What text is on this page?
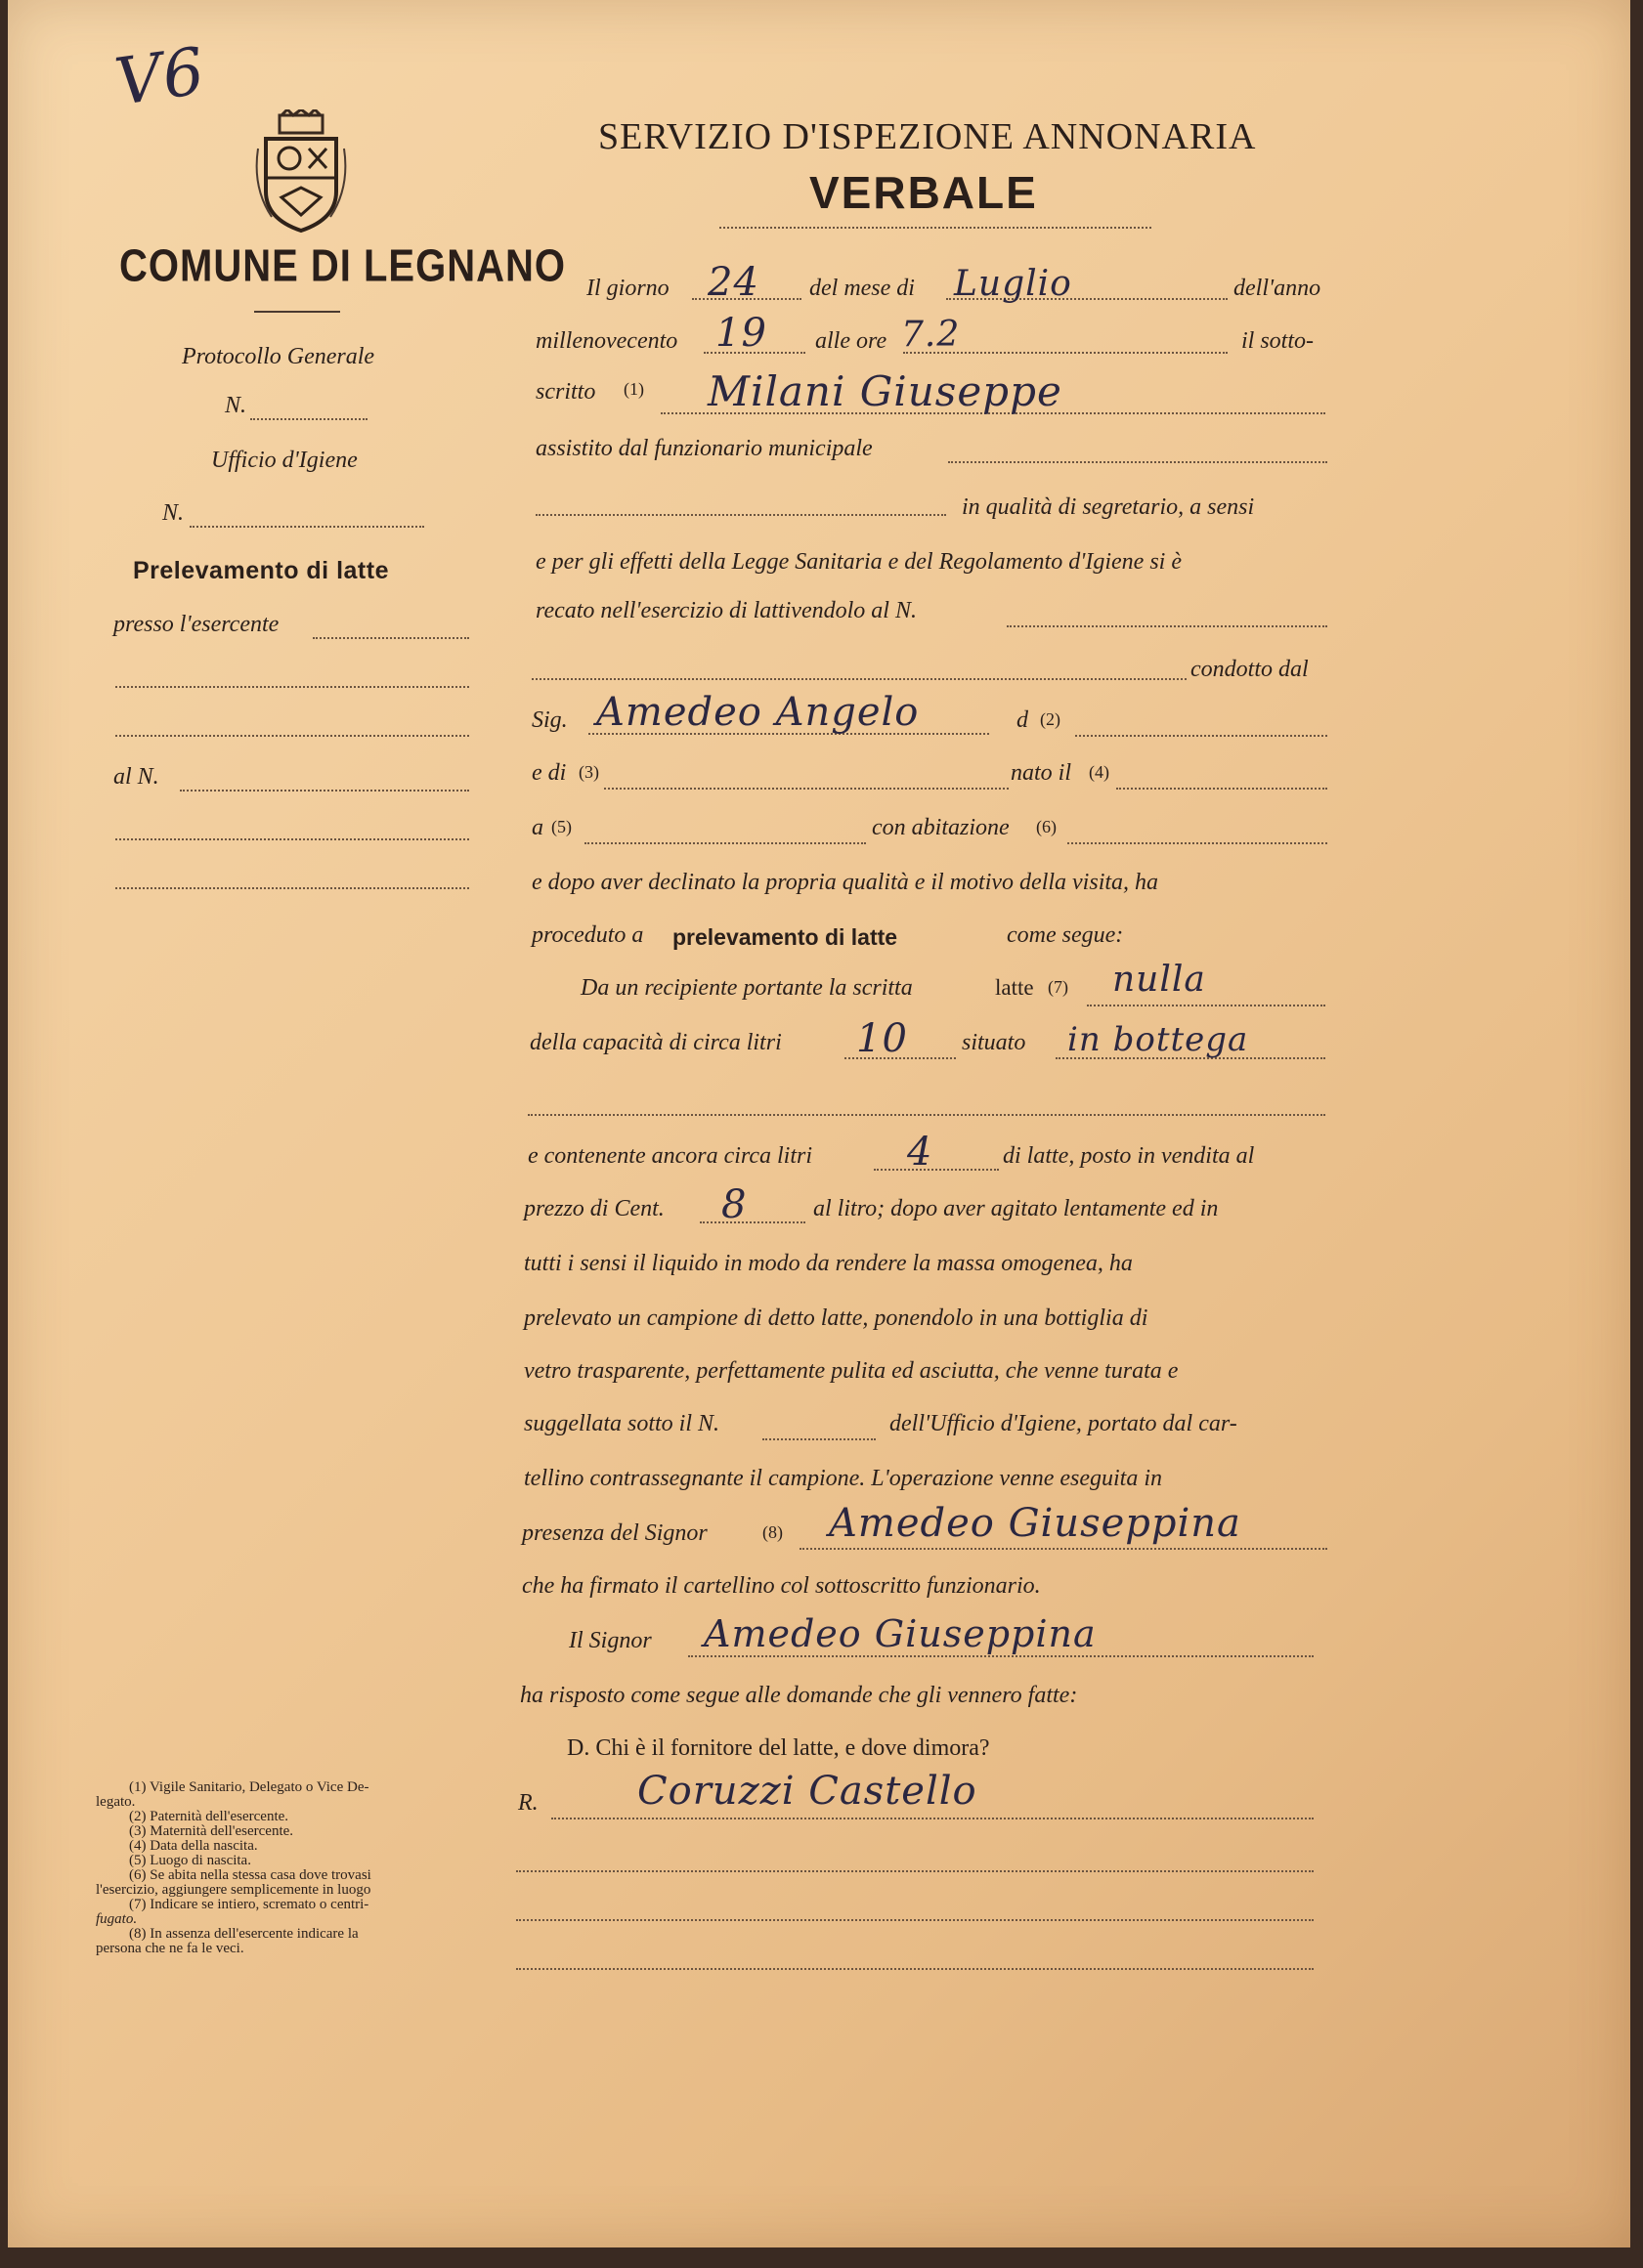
V6
COMUNE DI LEGNANO
Protocollo Generale
N.
Ufficio d'Igiene
N.
Prelevamento di latte
presso l'esercente
al N.
(1) Vigile Sanitario, Delegato o Vice De-
legato.
(2) Paternità dell'esercente.
(3) Maternità dell'esercente.
(4) Data della nascita.
(5) Luogo di nascita.
(6) Se abita nella stessa casa dove trovasi
l'esercizio, aggiungere semplicemente in luogo
(7) Indicare se intiero, scremato o centri-
fugato.
(8) In assenza dell'esercente indicare la
persona che ne fa le veci.
SERVIZIO D'ISPEZIONE ANNONARIA
VERBALE
Il giorno 24 del mese di Luglio	dell'anno
millenovecento 19 alle ore 7.2	il sotto-
scritto (1) Milani Giuseppe
assistito dal funzionario municipale
in qualità di segretario, a sensi
e per gli effetti della Legge Sanitaria e del Regolamento d'Igiene si è
recato nell'esercizio di lattivendolo al N.
condotto dal
Sig. Amedeo Angelo	d (2)
e di (3)	nato il (4)
a (5)	con abitazione (6)
e dopo aver declinato la propria qualità e il motivo della visita, ha
proceduto a prelevamento di latte	come segue:
Da un recipiente portante la scritta	latte (7) nulla
della capacità di circa litri 10 situato in bottega
e contenente ancora circa litri 4	di latte, posto in vendita al
prezzo di Cent. 8	al litro; dopo aver agitato lentamente ed in
tutti i sensi il liquido in modo da rendere la massa omogenea, ha
prelevato un campione di detto latte, ponendolo in una bottiglia di
vetro trasparente, perfettamente pulita ed asciutta, che venne turata e
suggellata sotto il N.	dell'Ufficio d'Igiene, portato dal car-
tellino contrassegnante il campione. L'operazione venne eseguita in
presenza del Signor	(8) Amedeo Giuseppina
che ha firmato il cartellino col sottoscritto funzionario.
Il Signor Amedeo Giuseppina
ha risposto come segue alle domande che gli vennero fatte:
D. Chi è il fornitore del latte, e dove dimora?
R.	Coruzzi Castello
